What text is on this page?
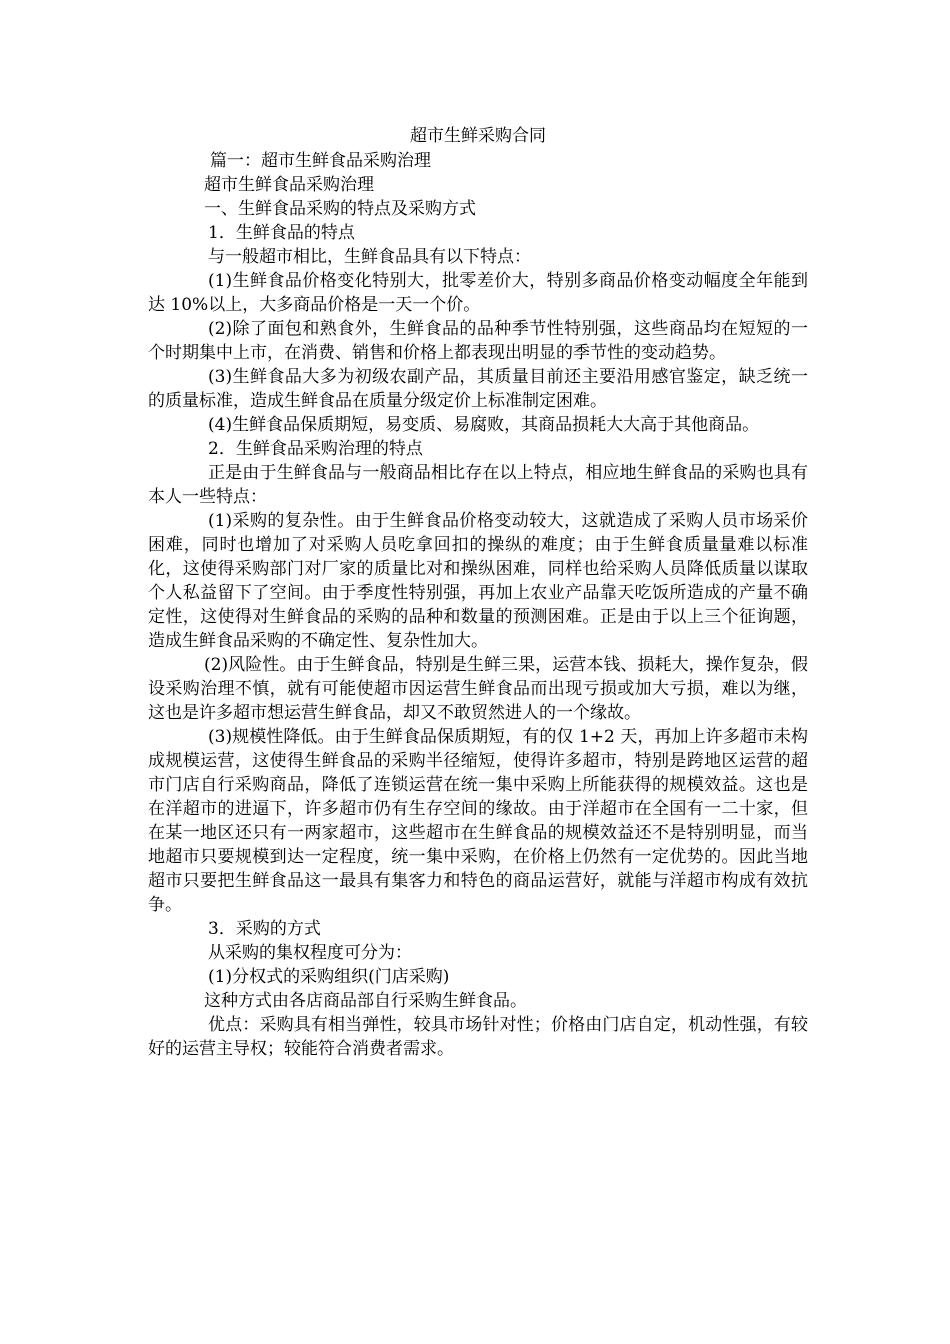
超市生鲜采购合同
篇一：超市生鲜食品采购治理
超市生鲜食品采购治理
一、生鲜食品采购的特点及采购方式
1．生鲜食品的特点
与一般超市相比，生鲜食品具有以下特点：
(1)生鲜食品价格变化特别大，批零差价大，特别多商品价格变动幅度全年能到达 10%以上，大多商品价格是一天一个价。
(2)除了面包和熟食外，生鲜食品的品种季节性特别强，这些商品均在短短的一个时期集中上市，在消费、销售和价格上都表现出明显的季节性的变动趋势。
(3)生鲜食品大多为初级农副产品，其质量目前还主要沿用感官鉴定，缺乏统一的质量标准，造成生鲜食品在质量分级定价上标准制定困难。
(4)生鲜食品保质期短，易变质、易腐败，其商品损耗大大高于其他商品。
2．生鲜食品采购治理的特点
正是由于生鲜食品与一般商品相比存在以上特点，相应地生鲜食品的采购也具有本人一些特点：
(1)采购的复杂性。由于生鲜食品价格变动较大，这就造成了采购人员市场采价困难，同时也增加了对采购人员吃拿回扣的操纵的难度；由于生鲜食质量量难以标准化，这使得采购部门对厂家的质量比对和操纵困难，同样也给采购人员降低质量以谋取个人私益留下了空间。由于季度性特别强，再加上农业产品靠天吃饭所造成的产量不确定性，这使得对生鲜食品的采购的品种和数量的预测困难。正是由于以上三个征询题，造成生鲜食品采购的不确定性、复杂性加大。
(2)风险性。由于生鲜食品，特别是生鲜三果，运营本钱、损耗大，操作复杂，假设采购治理不慎，就有可能使超市因运营生鲜食品而出现亏损或加大亏损，难以为继，这也是许多超市想运营生鲜食品，却又不敢贸然进人的一个缘故。
(3)规模性降低。由于生鲜食品保质期短，有的仅 1+2 天，再加上许多超市未构成规模运营，这使得生鲜食品的采购半径缩短，使得许多超市，特别是跨地区运营的超市门店自行采购商品，降低了连锁运营在统一集中采购上所能获得的规模效益。这也是在洋超市的进逼下，许多超市仍有生存空间的缘故。由于洋超市在全国有一二十家，但在某一地区还只有一两家超市，这些超市在生鲜食品的规模效益还不是特别明显，而当地超市只要规模到达一定程度，统一集中采购，在价格上仍然有一定优势的。因此当地超市只要把生鲜食品这一最具有集客力和特色的商品运营好，就能与洋超市构成有效抗争。
3．采购的方式
从采购的集权程度可分为：
(1)分权式的采购组织(门店采购)
这种方式由各店商品部自行采购生鲜食品。
优点：采购具有相当弹性，较具市场针对性；价格由门店自定，机动性强，有较好的运营主导权；较能符合消费者需求。
